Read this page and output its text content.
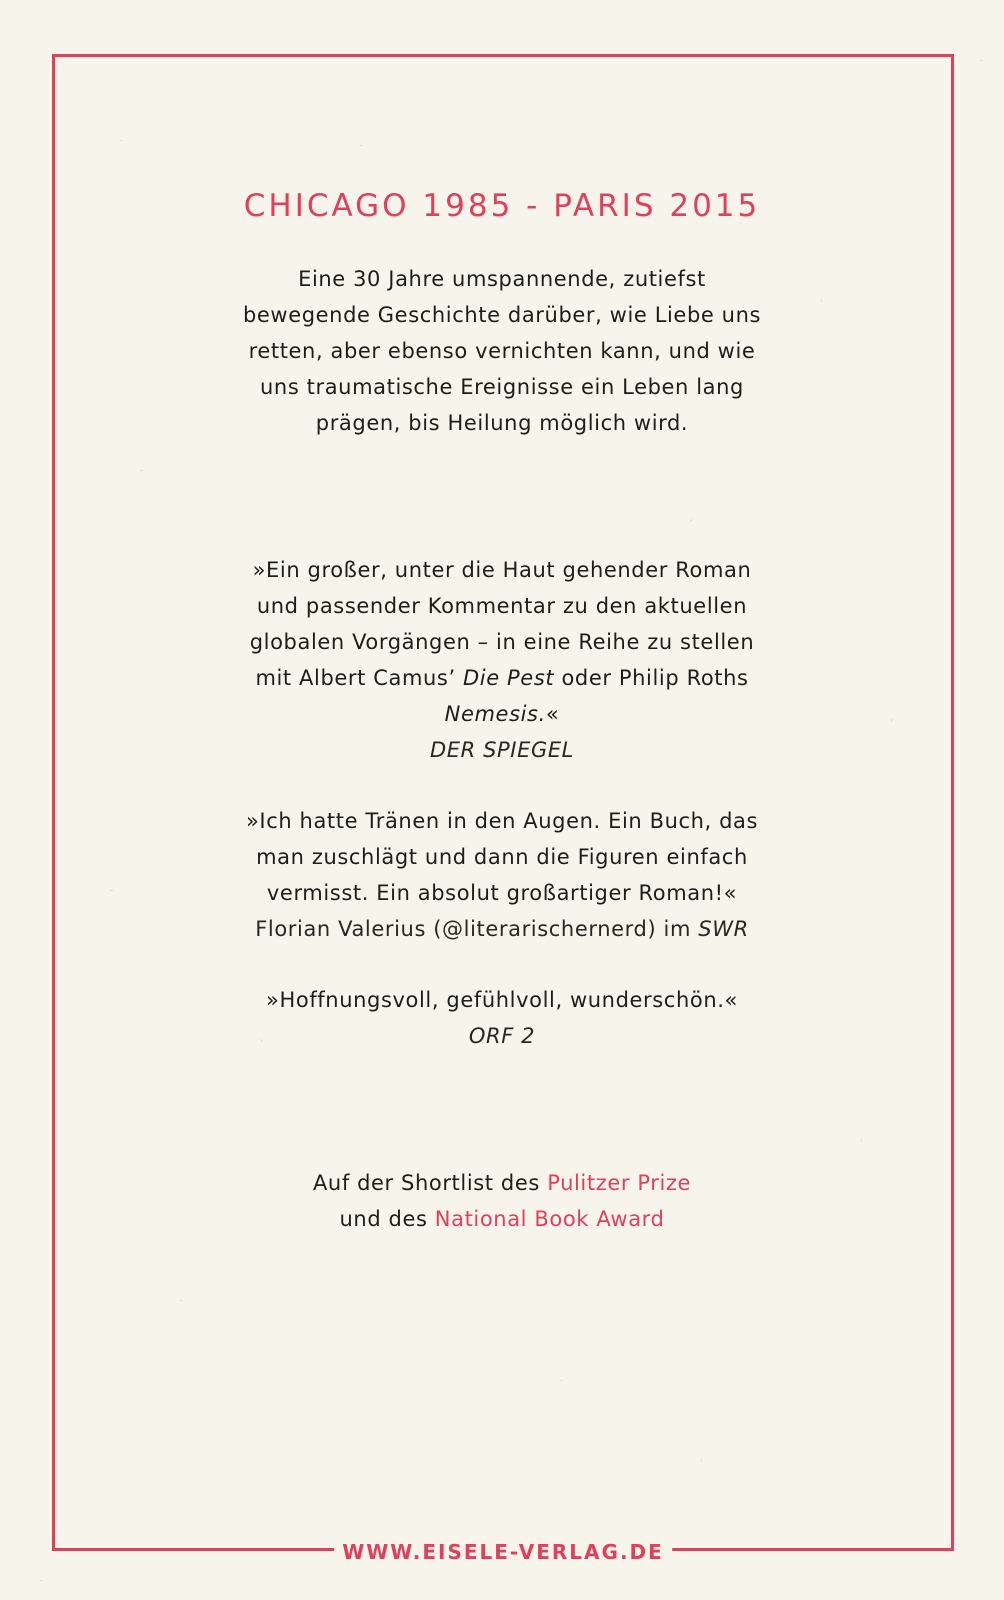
WWW.EISELE-VERLAG.DE
CHICAGO 1985 - PARIS 2015

Eine 30 Jahre umspannende, zutiefst
bewegende Geschichte darüber, wie Liebe uns
retten, aber ebenso vernichten kann, und wie
uns traumatische Ereignisse ein Leben lang
prägen, bis Heilung möglich wird.

»Ein großer, unter die Haut gehender Roman
und passender Kommentar zu den aktuellen
globalen Vorgängen – in eine Reihe zu stellen
mit Albert Camus’ Die Pest oder Philip Roths
Nemesis.«
DER SPIEGEL

»Ich hatte Tränen in den Augen. Ein Buch, das
man zuschlägt und dann die Figuren einfach
vermisst. Ein absolut großartiger Roman!«
Florian Valerius (@literarischernerd) im SWR

»Hoffnungsvoll, gefühlvoll, wunderschön.«
ORF 2

Auf der Shortlist des Pulitzer Prize
und des National Book Award
